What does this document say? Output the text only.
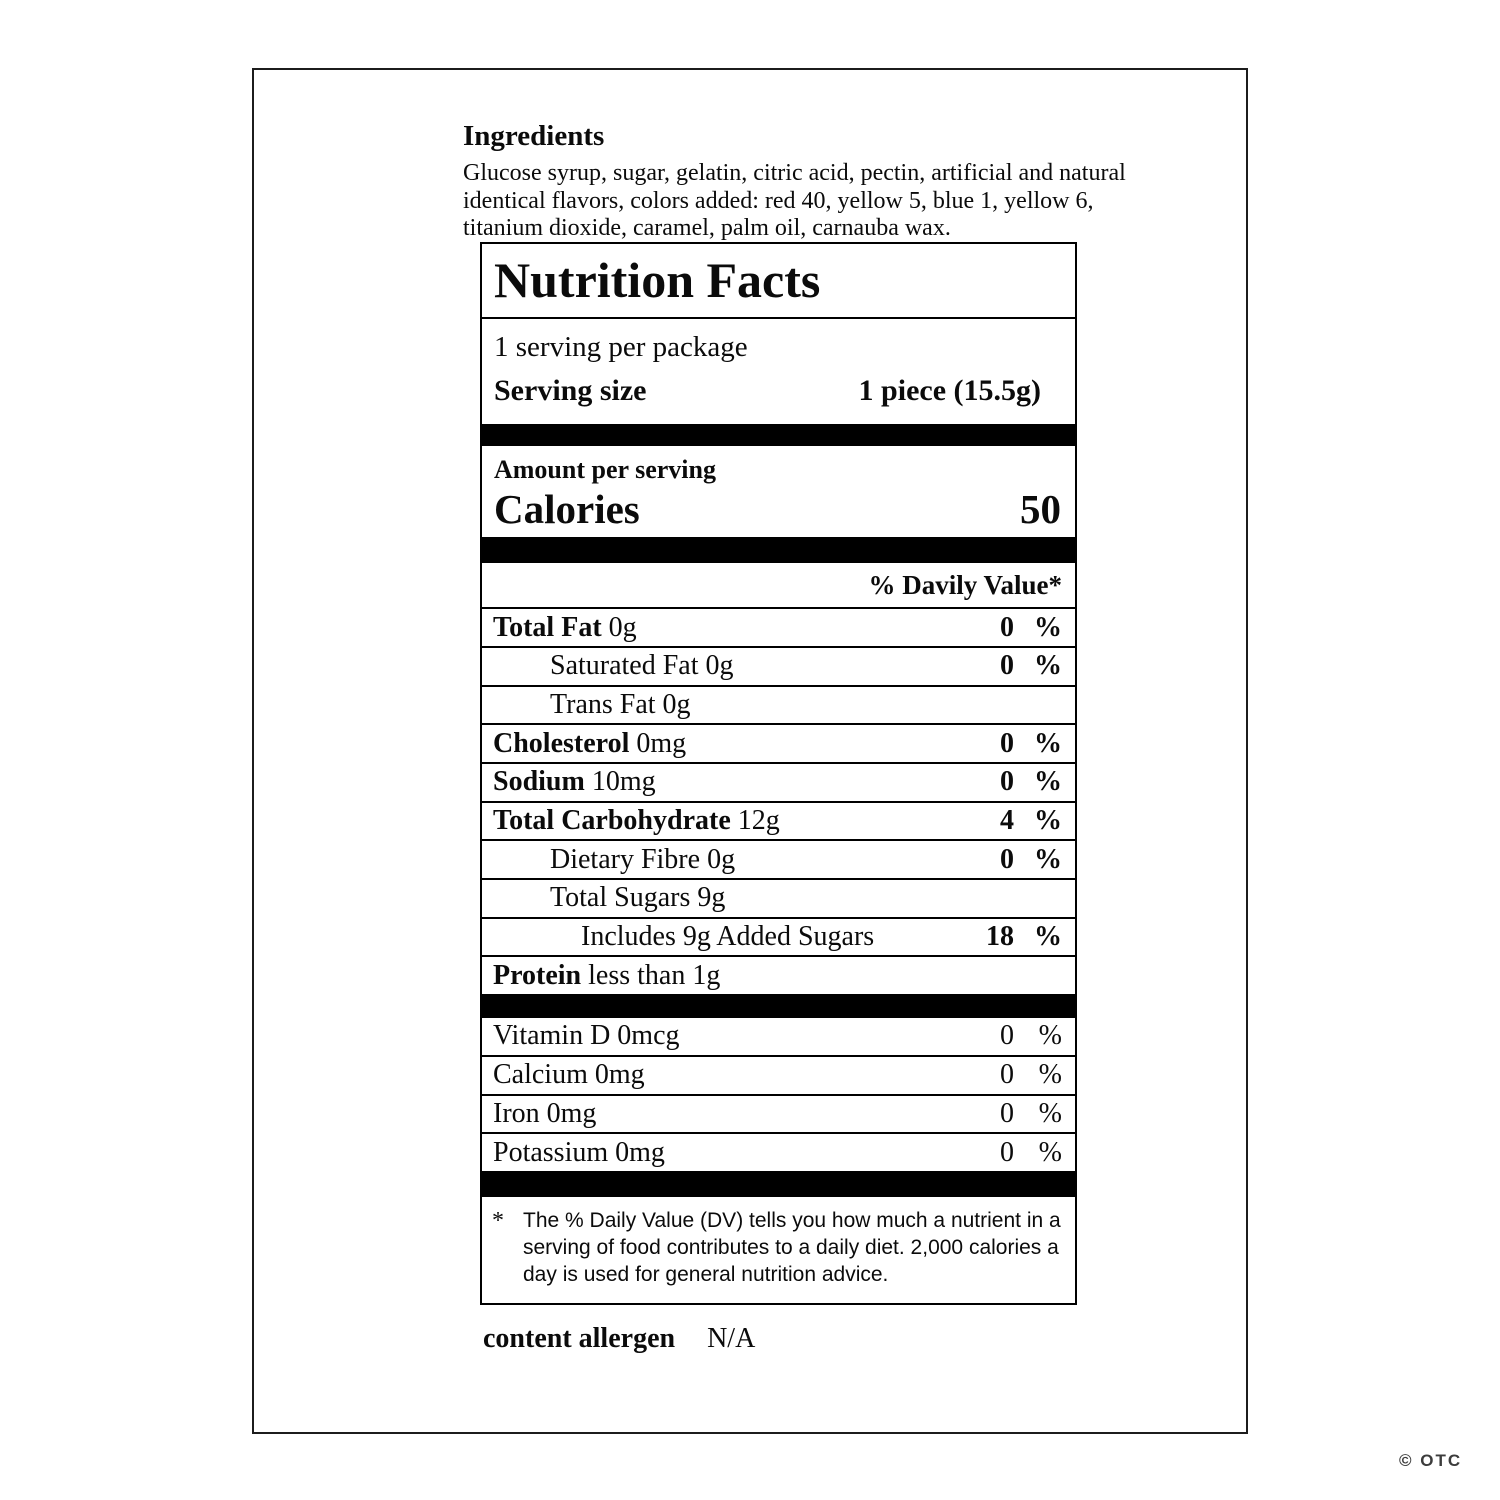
Ingredients
Glucose syrup, sugar, gelatin, citric acid, pectin, artificial and natural
identical flavors, colors added: red 40, yellow 5, blue 1, yellow 6,
titanium dioxide, caramel, palm oil, carnauba wax.
Nutrition Facts
1 serving per package
Serving size	1 piece (15.5g)
Amount per serving
Calories	50
% Davily Value*
Total Fat 0g	0 %
Saturated Fat 0g	0 %
Trans Fat 0g
Cholesterol 0mg	0 %
Sodium 10mg	0 %
Total Carbohydrate 12g	4 %
Dietary Fibre 0g	0 %
Total Sugars 9g
Includes 9g Added Sugars	18 %
Protein less than 1g
Vitamin D 0mcg	0 %
Calcium 0mg	0 %
Iron 0mg	0 %
Potassium 0mg	0 %
* The % Daily Value (DV) tells you how much a nutrient in a
serving of food contributes to a daily diet. 2,000 calories a
day is used for general nutrition advice.
content allergen N/A
© OTC
